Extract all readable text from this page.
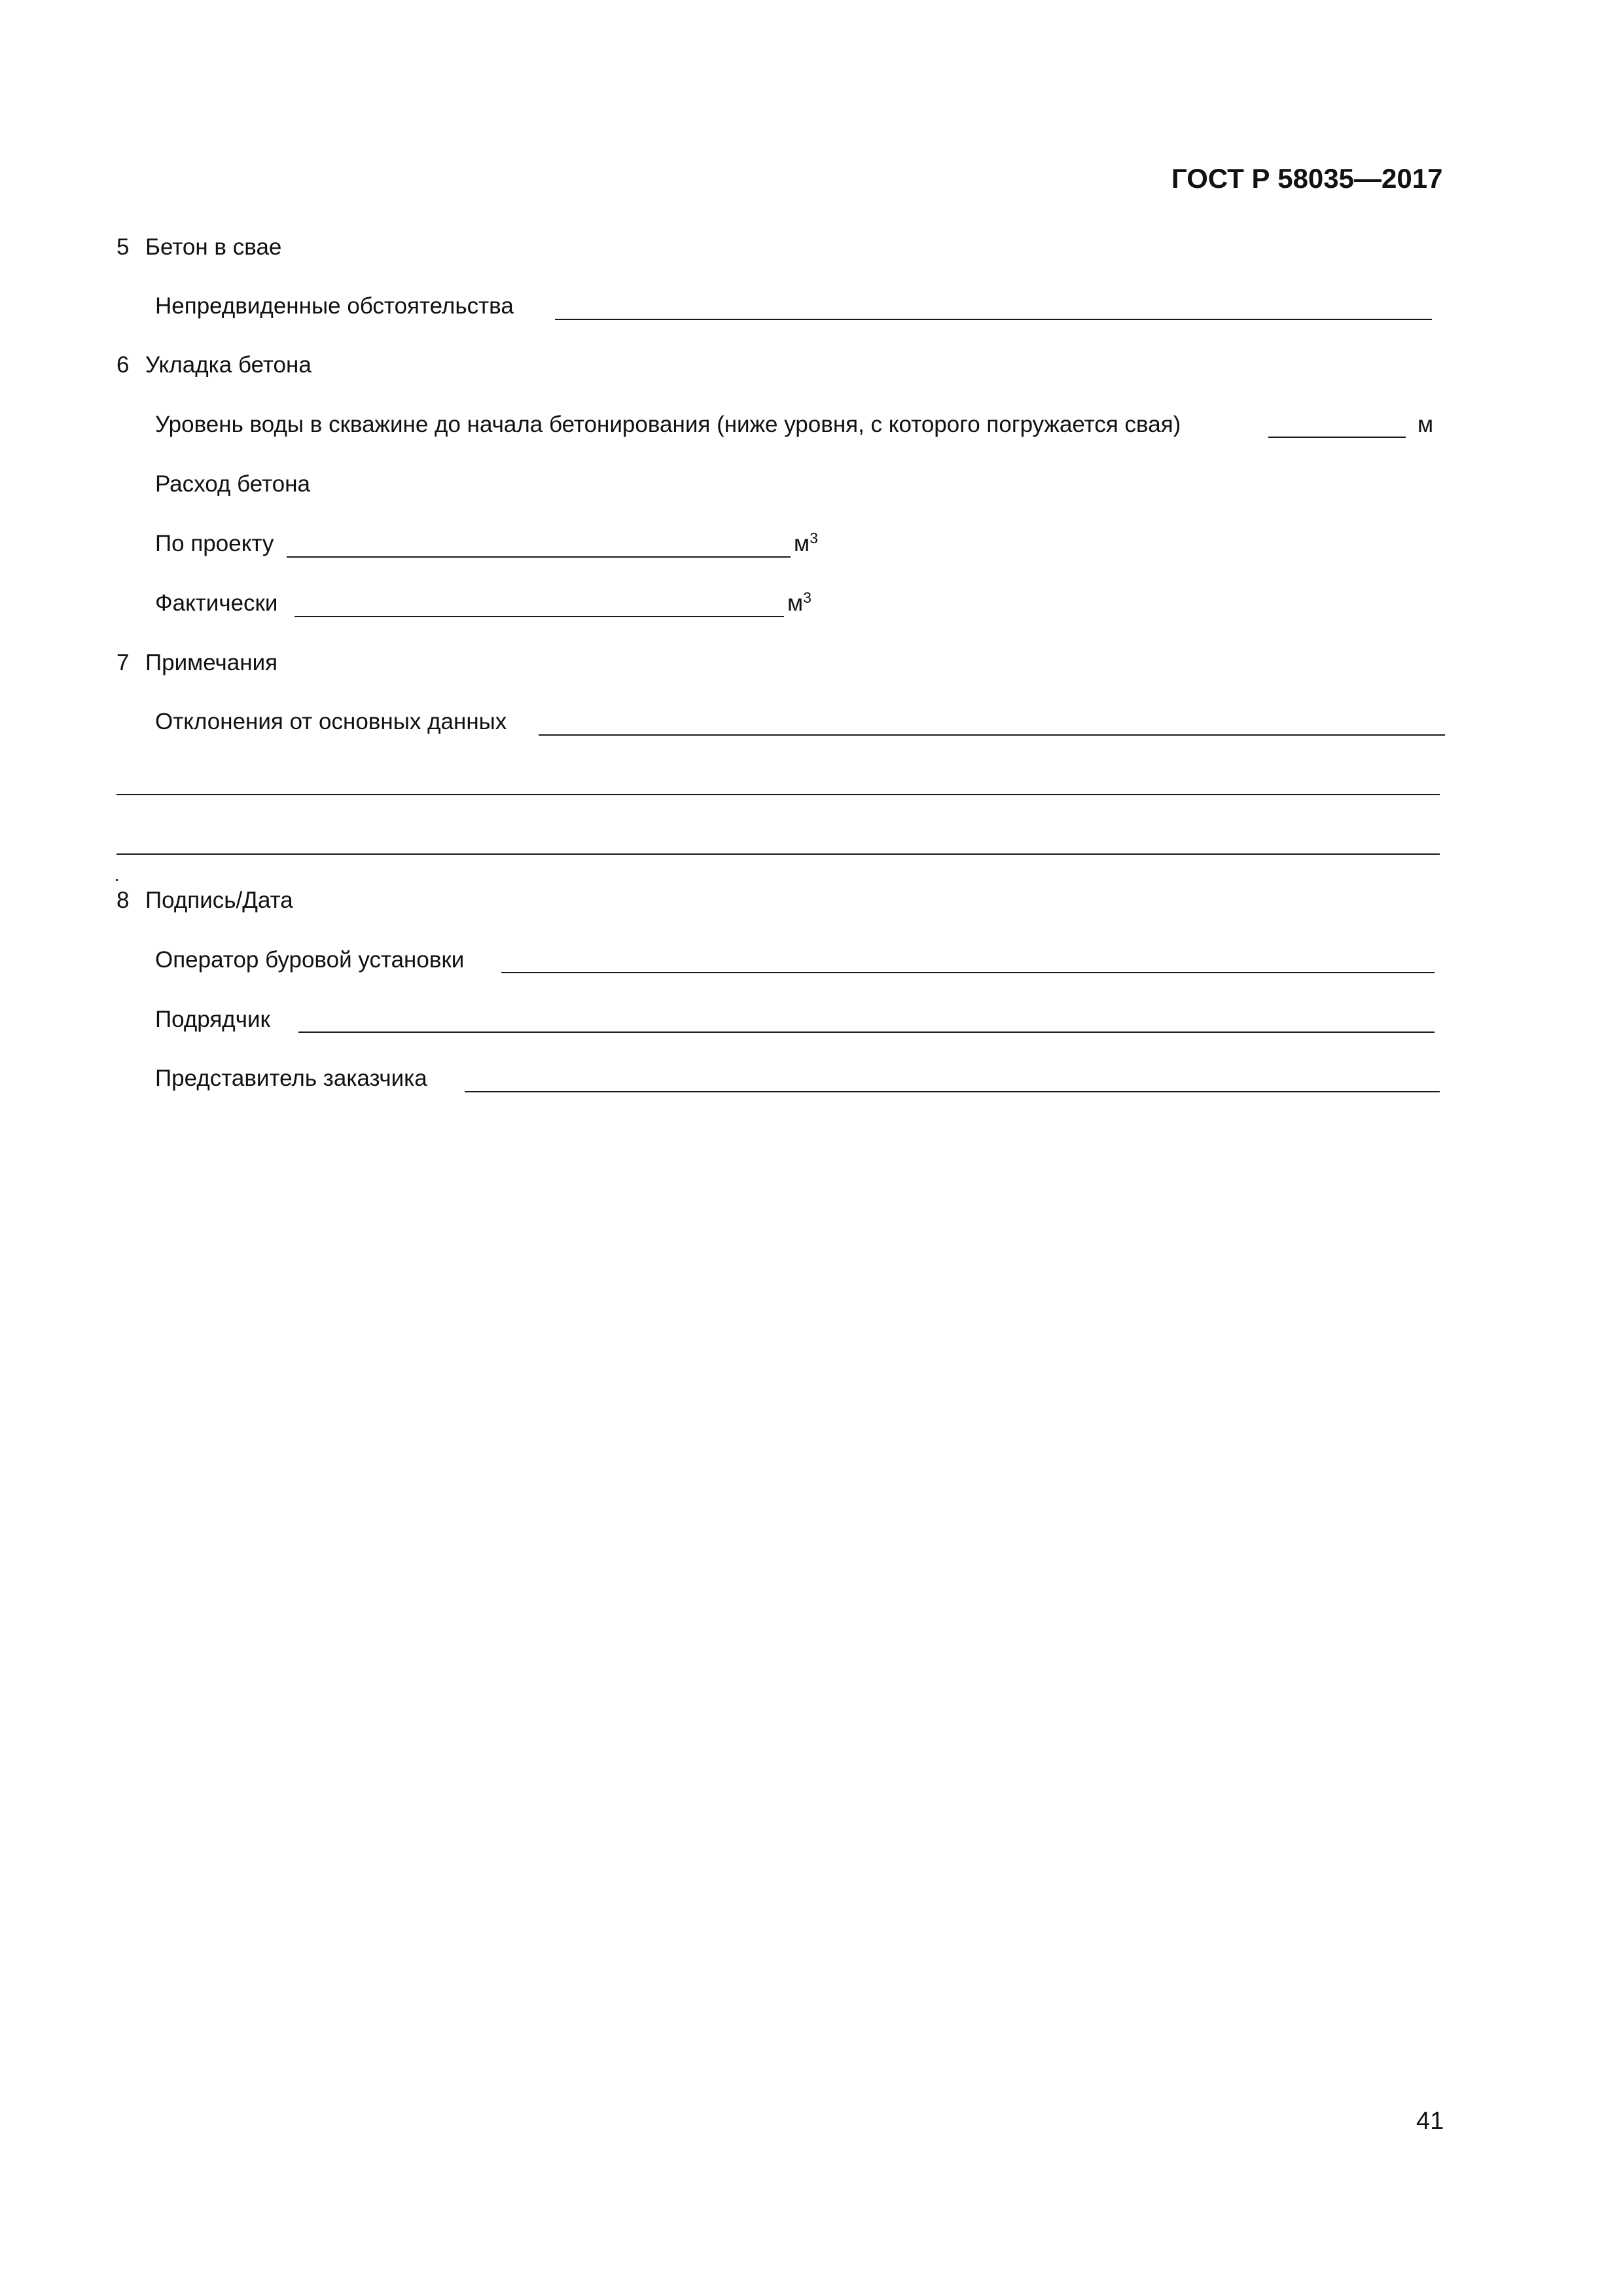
ГОСТ Р 58035—2017
5 Бетон в свае
Непредвиденные обстоятельства
6 Укладка бетона
Уровень воды в скважине до начала бетонирования (ниже уровня, с которого погружается свая)	м
Расход бетона
По проекту	$м^3$
Фактически	$м^3$
7 Примечания
Отклонения от основных данных
8 Подпись/Дата
Оператор буровой установки
Подрядчик
Представитель заказчика
41
